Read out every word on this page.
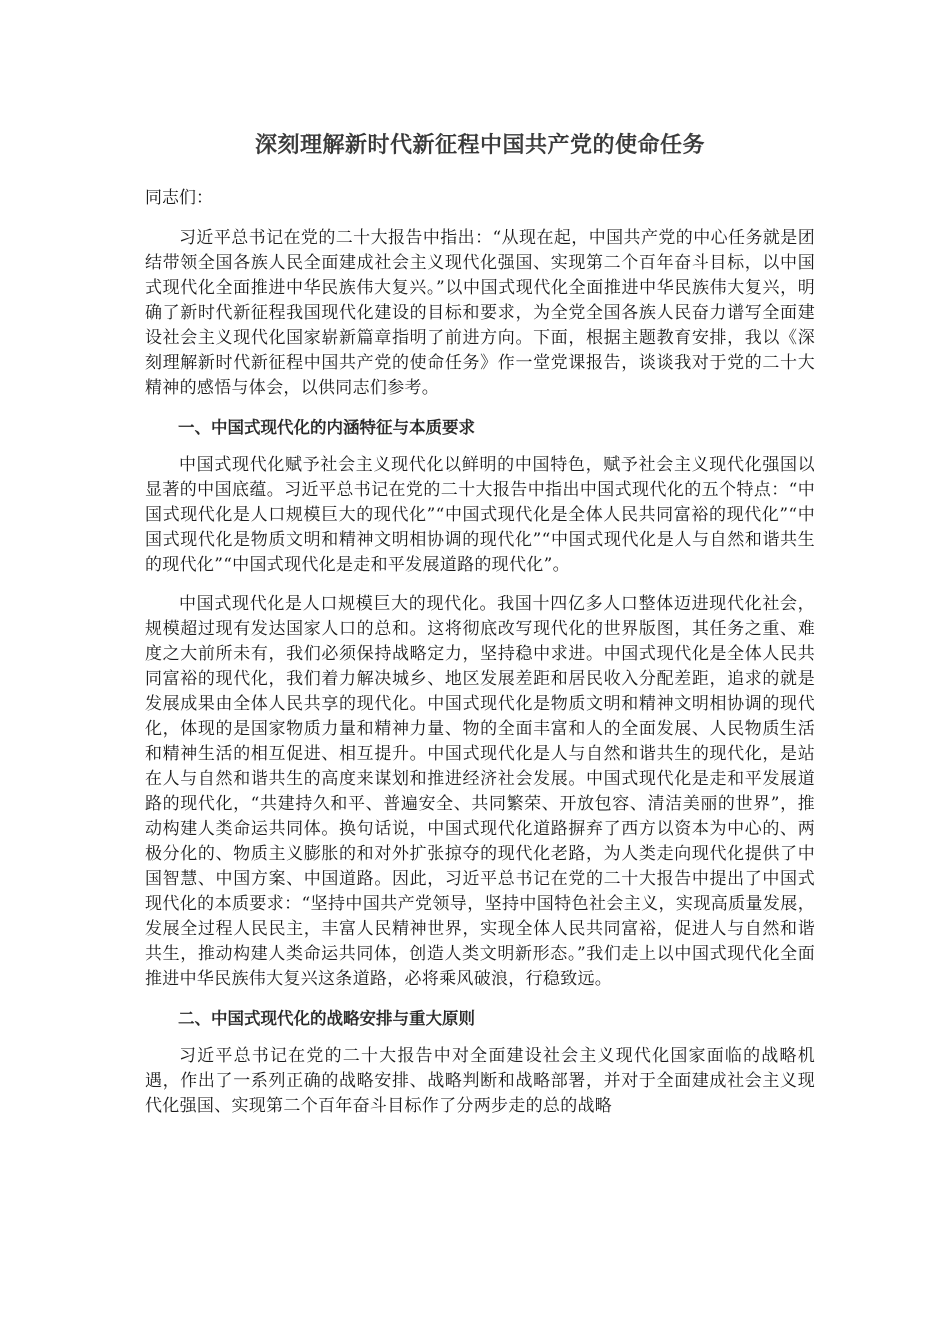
深刻理解新时代新征程中国共产党的使命任务

同志们：

习近平总书记在党的二十大报告中指出：“从现在起，中国共产党的中心任务就是团结带领全国各族人民全面建成社会主义现代化强国、实现第二个百年奋斗目标，以中国式现代化全面推进中华民族伟大复兴。”以中国式现代化全面推进中华民族伟大复兴，明确了新时代新征程我国现代化建设的目标和要求，为全党全国各族人民奋力谱写全面建设社会主义现代化国家崭新篇章指明了前进方向。下面，根据主题教育安排，我以《深刻理解新时代新征程中国共产党的使命任务》作一堂党课报告，谈谈我对于党的二十大精神的感悟与体会，以供同志们参考。

一、中国式现代化的内涵特征与本质要求

中国式现代化赋予社会主义现代化以鲜明的中国特色，赋予社会主义现代化强国以显著的中国底蕴。习近平总书记在党的二十大报告中指出中国式现代化的五个特点：“中国式现代化是人口规模巨大的现代化”“中国式现代化是全体人民共同富裕的现代化”“中国式现代化是物质文明和精神文明相协调的现代化”“中国式现代化是人与自然和谐共生的现代化”“中国式现代化是走和平发展道路的现代化”。

中国式现代化是人口规模巨大的现代化。我国十四亿多人口整体迈进现代化社会，规模超过现有发达国家人口的总和。这将彻底改写现代化的世界版图，其任务之重、难度之大前所未有，我们必须保持战略定力，坚持稳中求进。中国式现代化是全体人民共同富裕的现代化，我们着力解决城乡、地区发展差距和居民收入分配差距，追求的就是发展成果由全体人民共享的现代化。中国式现代化是物质文明和精神文明相协调的现代化，体现的是国家物质力量和精神力量、物的全面丰富和人的全面发展、人民物质生活和精神生活的相互促进、相互提升。中国式现代化是人与自然和谐共生的现代化，是站在人与自然和谐共生的高度来谋划和推进经济社会发展。中国式现代化是走和平发展道路的现代化，“共建持久和平、普遍安全、共同繁荣、开放包容、清洁美丽的世界”，推动构建人类命运共同体。换句话说，中国式现代化道路摒弃了西方以资本为中心的、两极分化的、物质主义膨胀的和对外扩张掠夺的现代化老路，为人类走向现代化提供了中国智慧、中国方案、中国道路。因此，习近平总书记在党的二十大报告中提出了中国式现代化的本质要求：“坚持中国共产党领导，坚持中国特色社会主义，实现高质量发展，发展全过程人民民主，丰富人民精神世界，实现全体人民共同富裕，促进人与自然和谐共生，推动构建人类命运共同体，创造人类文明新形态。”我们走上以中国式现代化全面推进中华民族伟大复兴这条道路，必将乘风破浪，行稳致远。

二、中国式现代化的战略安排与重大原则

习近平总书记在党的二十大报告中对全面建设社会主义现代化国家面临的战略机遇，作出了一系列正确的战略安排、战略判断和战略部署，并对于全面建成社会主义现代化强国、实现第二个百年奋斗目标作了分两步走的总的战略
